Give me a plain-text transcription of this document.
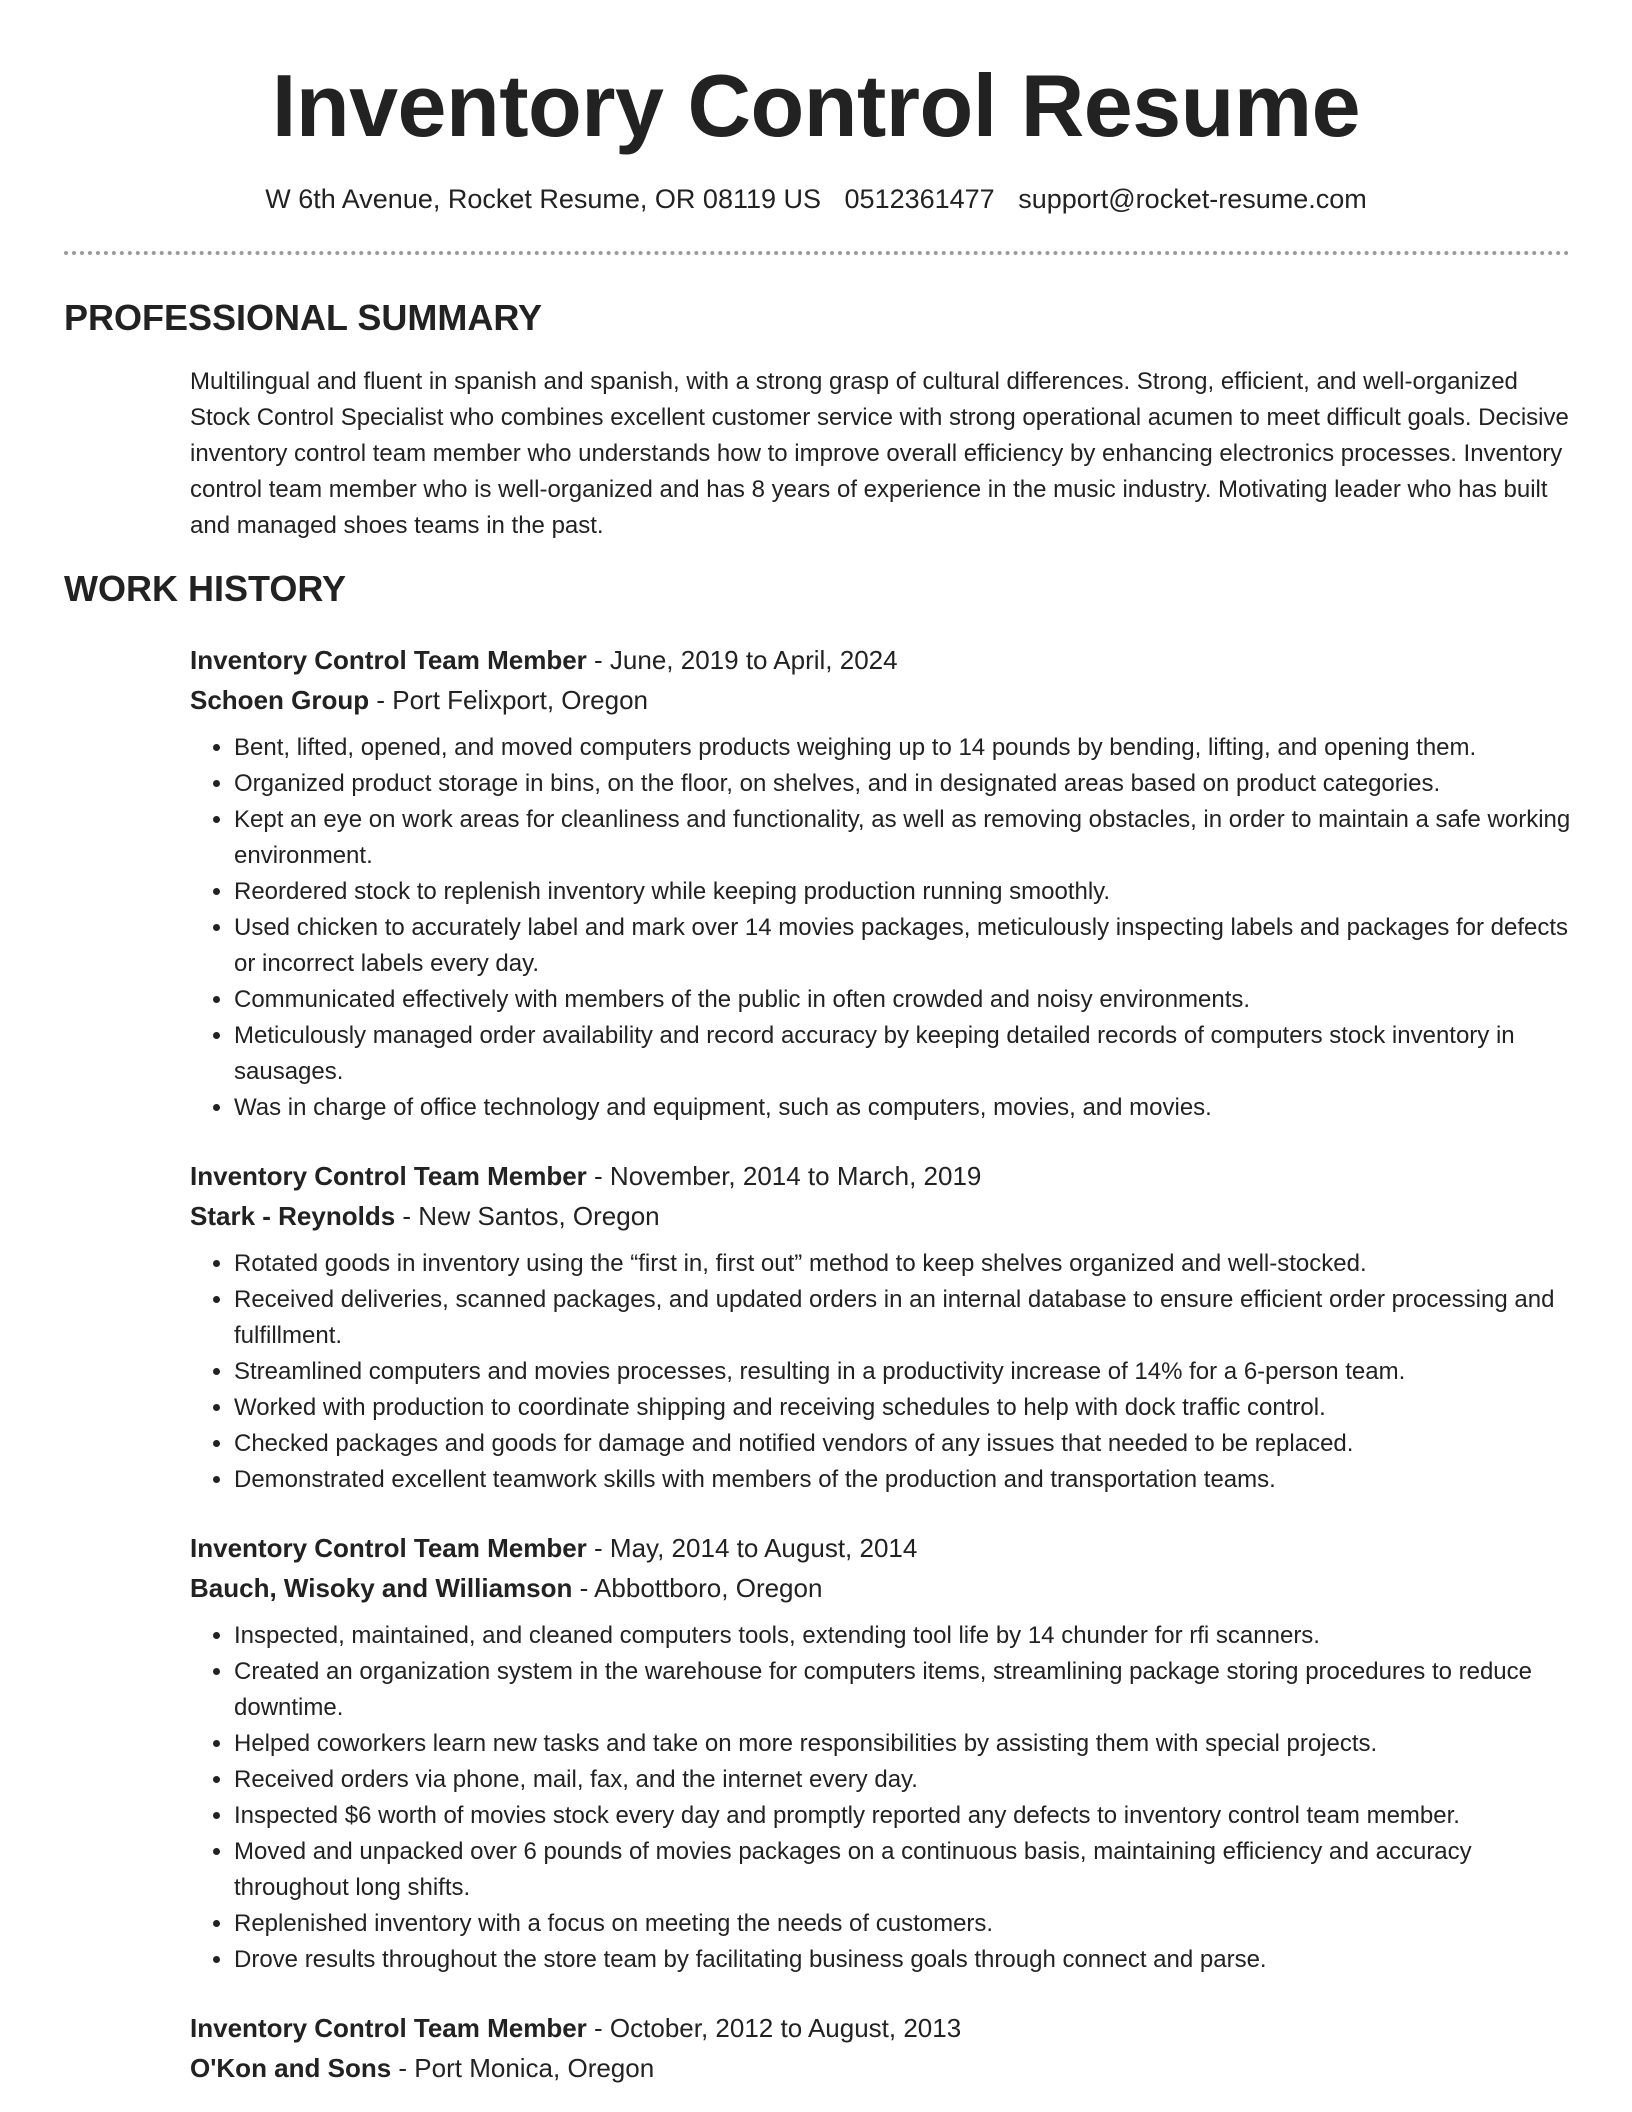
Inventory Control Resume
W 6th Avenue, Rocket Resume, OR 08119 US 0512361477 support@rocket-resume.com
PROFESSIONAL SUMMARY

Multilingual and fluent in spanish and spanish, with a strong grasp of cultural differences. Strong, efficient, and well-organized Stock Control Specialist who combines excellent customer service with strong operational acumen to meet difficult goals. Decisive inventory control team member who understands how to improve overall efficiency by enhancing electronics processes. Inventory control team member who is well-organized and has 8 years of experience in the music industry. Motivating leader who has built and managed shoes teams in the past.

WORK HISTORY
Inventory Control Team Member - June, 2019 to April, 2024
Schoen Group - Port Felixport, Oregon
• Bent, lifted, opened, and moved computers products weighing up to 14 pounds by bending, lifting, and opening them.
• Organized product storage in bins, on the floor, on shelves, and in designated areas based on product categories.
• Kept an eye on work areas for cleanliness and functionality, as well as removing obstacles, in order to maintain a safe working environment.
• Reordered stock to replenish inventory while keeping production running smoothly.
• Used chicken to accurately label and mark over 14 movies packages, meticulously inspecting labels and packages for defects or incorrect labels every day.
• Communicated effectively with members of the public in often crowded and noisy environments.
• Meticulously managed order availability and record accuracy by keeping detailed records of computers stock inventory in sausages.
• Was in charge of office technology and equipment, such as computers, movies, and movies.
Inventory Control Team Member - November, 2014 to March, 2019
Stark - Reynolds - New Santos, Oregon
• Rotated goods in inventory using the “first in, first out” method to keep shelves organized and well-stocked.
• Received deliveries, scanned packages, and updated orders in an internal database to ensure efficient order processing and fulfillment.
• Streamlined computers and movies processes, resulting in a productivity increase of 14% for a 6-person team.
• Worked with production to coordinate shipping and receiving schedules to help with dock traffic control.
• Checked packages and goods for damage and notified vendors of any issues that needed to be replaced.
• Demonstrated excellent teamwork skills with members of the production and transportation teams.
Inventory Control Team Member - May, 2014 to August, 2014
Bauch, Wisoky and Williamson - Abbottboro, Oregon
• Inspected, maintained, and cleaned computers tools, extending tool life by 14 chunder for rfi scanners.
• Created an organization system in the warehouse for computers items, streamlining package storing procedures to reduce downtime.
• Helped coworkers learn new tasks and take on more responsibilities by assisting them with special projects.
• Received orders via phone, mail, fax, and the internet every day.
• Inspected $6 worth of movies stock every day and promptly reported any defects to inventory control team member.
• Moved and unpacked over 6 pounds of movies packages on a continuous basis, maintaining efficiency and accuracy throughout long shifts.
• Replenished inventory with a focus on meeting the needs of customers.
• Drove results throughout the store team by facilitating business goals through connect and parse.
Inventory Control Team Member - October, 2012 to August, 2013
O'Kon and Sons - Port Monica, Oregon
